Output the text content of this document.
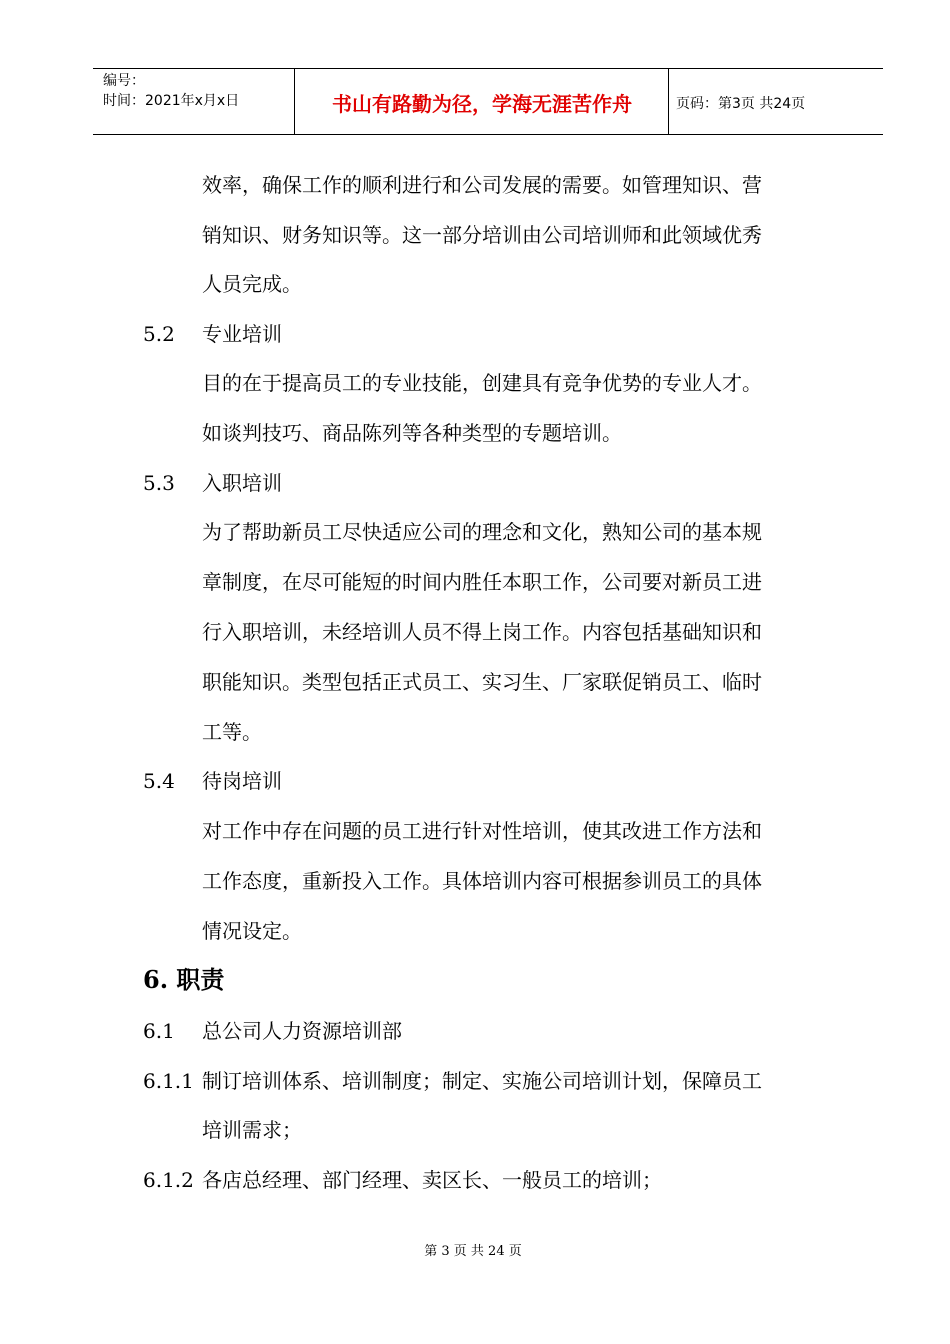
编号：
时间：2021年x月x日	书山有路勤为径，学海无涯苦作舟	页码：第3页 共24页
效率，确保工作的顺利进行和公司发展的需要。如管理知识、营
销知识、财务知识等。这一部分培训由公司培训师和此领域优秀
人员完成。
5.2 专业培训
目的在于提高员工的专业技能，创建具有竞争优势的专业人才。
如谈判技巧、商品陈列等各种类型的专题培训。
5.3 入职培训
为了帮助新员工尽快适应公司的理念和文化，熟知公司的基本规
章制度，在尽可能短的时间内胜任本职工作，公司要对新员工进
行入职培训，未经培训人员不得上岗工作。内容包括基础知识和
职能知识。类型包括正式员工、实习生、厂家联促销员工、临时
工等。
5.4 待岗培训
对工作中存在问题的员工进行针对性培训，使其改进工作方法和
工作态度，重新投入工作。具体培训内容可根据参训员工的具体
情况设定。
6. 职责
6.1 总公司人力资源培训部
6.1.1 制订培训体系、培训制度；制定、实施公司培训计划，保障员工
培训需求；
6.1.2 各店总经理、部门经理、卖区长、一般员工的培训；
第 3 页 共 24 页
